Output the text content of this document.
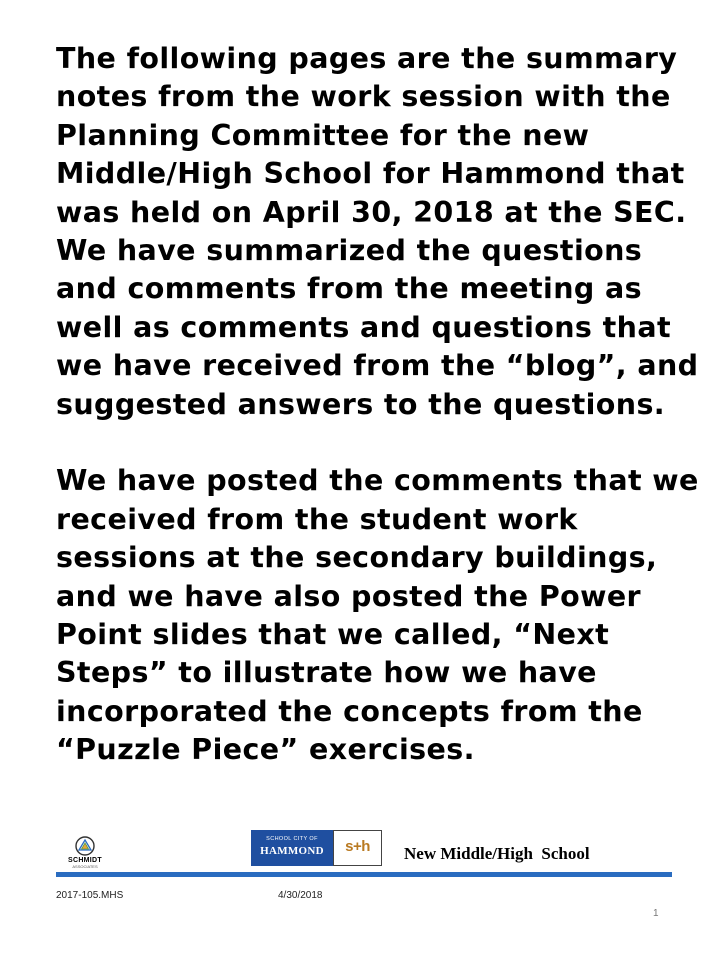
The following pages are the summary notes from the work session with the Planning Committee for the new Middle/High School for Hammond that was held on April 30, 2018 at the SEC.

We have summarized the questions and comments from the meeting as well as comments and questions that we have received from the “blog”, and suggested answers to the questions.

We have posted the comments that we received from the student work sessions at the secondary buildings, and we have also posted the Power Point slides that we called, “Next Steps” to illustrate how we have incorporated the concepts from the “Puzzle Piece” exercises.

SCHMIDT
ASSOCIATES
SCHOOL CITY OF
HAMMOND	s+h	New Middle/High  School
2017-105.MHS	4/30/2018
1
